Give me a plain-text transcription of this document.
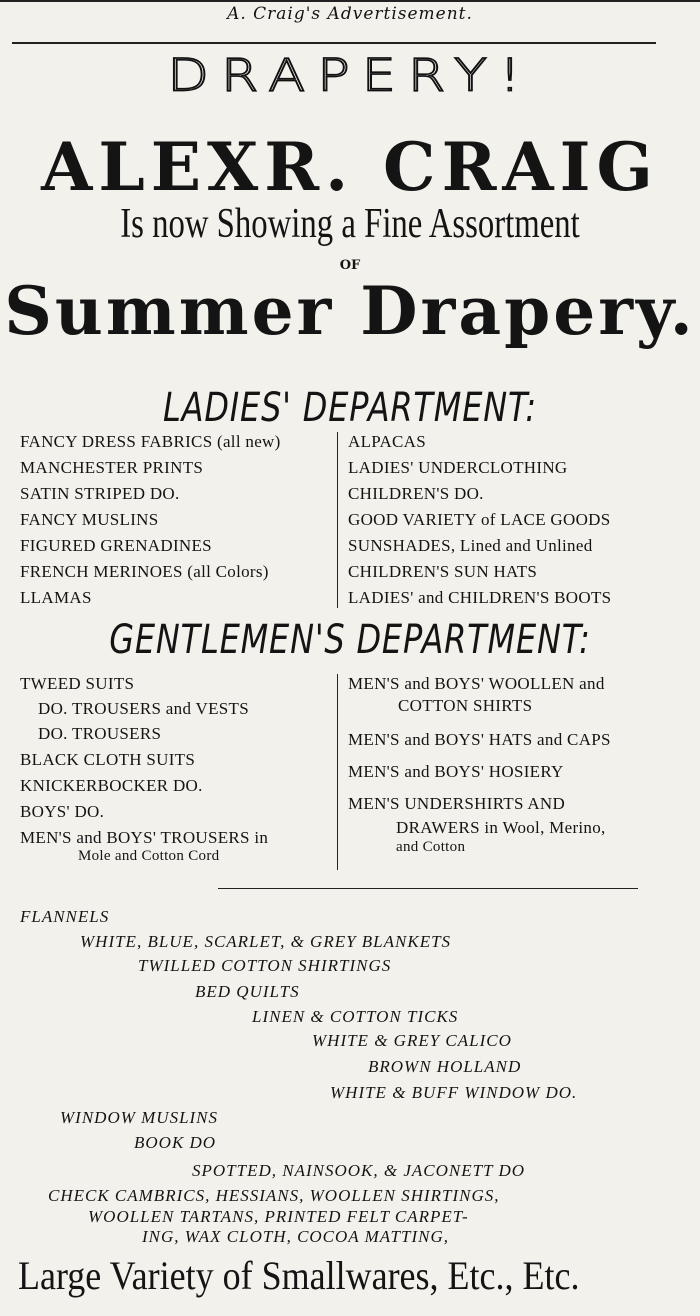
A. Craig's Advertisement.
DRAPERY!
ALEXR. CRAIG
Is now Showing a Fine Assortment
OF
Summer Drapery.
LADIES' DEPARTMENT:
FANCY DRESS FABRICS (all new)
MANCHESTER PRINTS
SATIN STRIPED DO.
FANCY MUSLINS
FIGURED GRENADINES
FRENCH MERINOES (all Colors)
LLAMAS
ALPACAS
LADIES' UNDERCLOTHING
CHILDREN'S DO.
GOOD VARIETY of LACE GOODS
SUNSHADES, Lined and Unlined
CHILDREN'S SUN HATS
LADIES' and CHILDREN'S BOOTS
GENTLEMEN'S DEPARTMENT:
TWEED SUITS
DO. TROUSERS and VESTS
DO. TROUSERS
BLACK CLOTH SUITS
KNICKERBOCKER DO.
BOYS' DO.
MEN'S and BOYS' TROUSERS in
Mole and Cotton Cord
MEN'S and BOYS' WOOLLEN and
COTTON SHIRTS
MEN'S and BOYS' HATS and CAPS
MEN'S and BOYS' HOSIERY
MEN'S UNDERSHIRTS AND
DRAWERS in Wool, Merino,
and Cotton
FLANNELS
WHITE, BLUE, SCARLET, & GREY BLANKETS
TWILLED COTTON SHIRTINGS
BED QUILTS
LINEN & COTTON TICKS
WHITE & GREY CALICO
BROWN HOLLAND
WHITE & BUFF WINDOW DO.
WINDOW MUSLINS
BOOK DO
SPOTTED, NAINSOOK, & JACONETT DO
CHECK CAMBRICS, HESSIANS, WOOLLEN SHIRTINGS,
WOOLLEN TARTANS, PRINTED FELT CARPET-
ING, WAX CLOTH, COCOA MATTING,
Large Variety of Smallwares, Etc., Etc.
